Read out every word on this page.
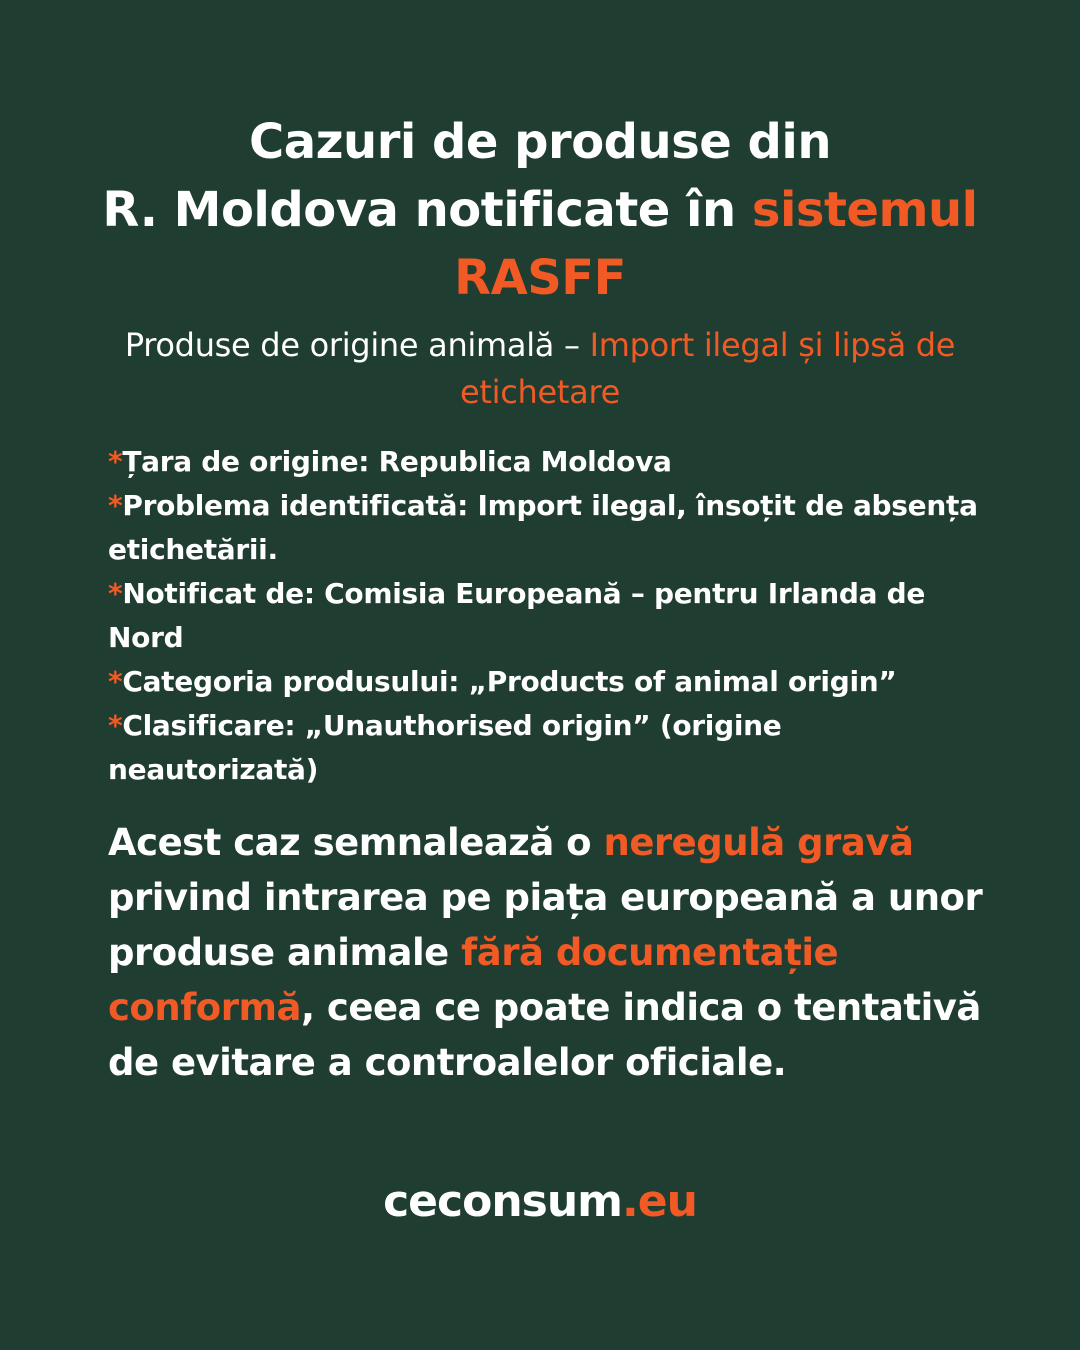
Cazuri de produse din
R. Moldova notificate în sistemul
RASFF

Produse de origine animală – Import ilegal și lipsă de etichetare

*Țara de origine: Republica Moldova
*Problema identificată: Import ilegal, însoțit de absența etichetării.
*Notificat de: Comisia Europeană – pentru Irlanda de Nord
*Categoria produsului: „Products of animal origin”
*Clasificare: „Unauthorised origin” (origine neautorizată)

Acest caz semnalează o neregulă gravă privind intrarea pe piața europeană a unor produse animale fără documentație conformă, ceea ce poate indica o tentativă de evitare a controalelor oficiale.

ceconsum.eu
